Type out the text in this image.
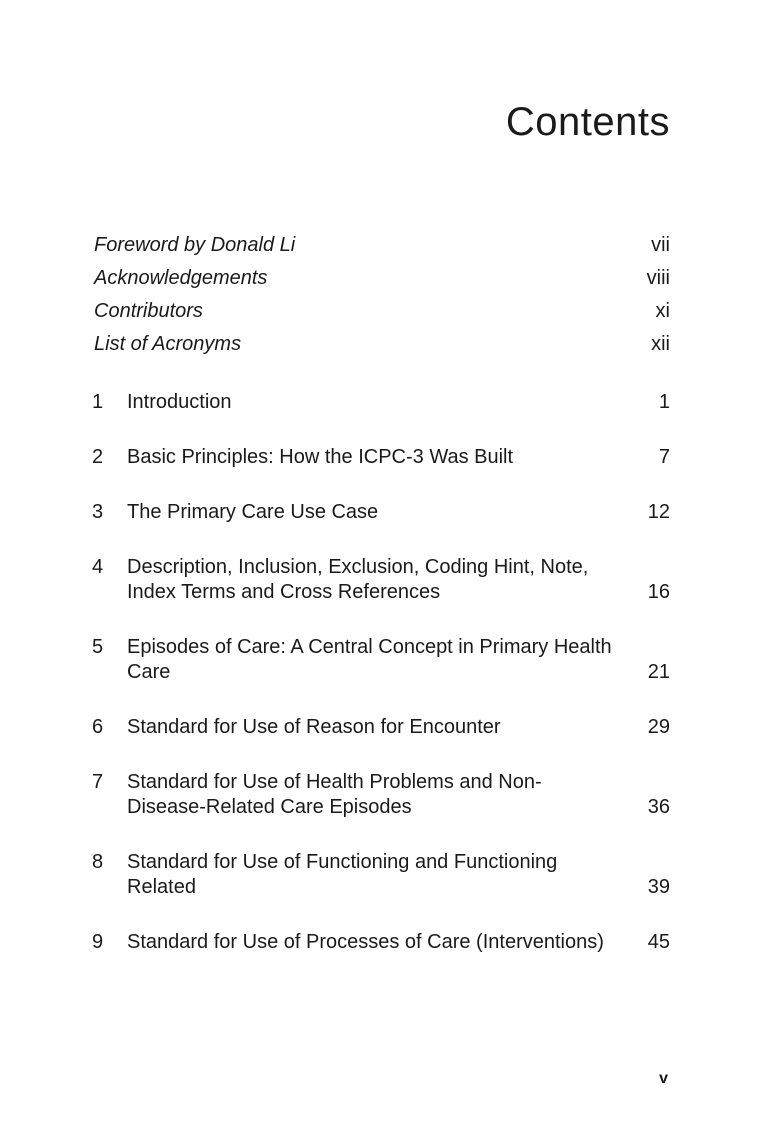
Contents
Foreword by Donald Li	vii
Acknowledgements	viii
Contributors	xi
List of Acronyms	xii
1	Introduction	1
2	Basic Principles: How the ICPC-3 Was Built	7
3	The Primary Care Use Case	12
4	Description, Inclusion, Exclusion, Coding Hint, Note, Index Terms and Cross References	16
5	Episodes of Care: A Central Concept in Primary Health Care	21
6	Standard for Use of Reason for Encounter	29
7	Standard for Use of Health Problems and Non-Disease-Related Care Episodes	36
8	Standard for Use of Functioning and Functioning Related	39
9	Standard for Use of Processes of Care (Interventions)	45
v
